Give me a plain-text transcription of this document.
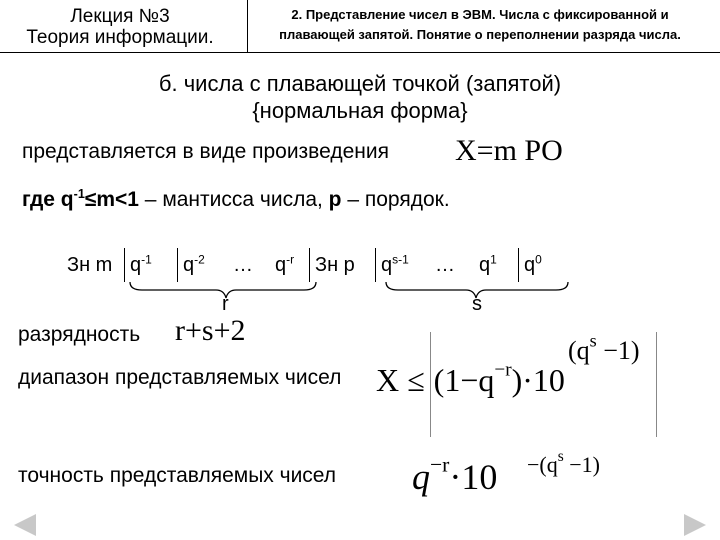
Лекция №3
Теория информации.
2. Представление чисел в ЭВМ. Числа с фиксированной и
плавающей запятой. Понятие о переполнении разряда числа.
б. числа с плавающей точкой (запятой)
{нормальная форма}
представляется в виде произведения X=m PO
где $q^{-1}\le m<1$ – мантисса числа, p – порядок.
Зн m $q^{-1}$	$q^{-2}$	…	$q^{-r}$	Зн p	$q^{s-1}$	…	$q^1$	$q^0$
r	s
разрядность r+s+2
диапазон представляемых чисел $X \le (1-q^{-r})\cdot 10$
$(q^s -1)$
точность представляемых чисел $q^{-r}\cdot 10 -(q^s -1)$
